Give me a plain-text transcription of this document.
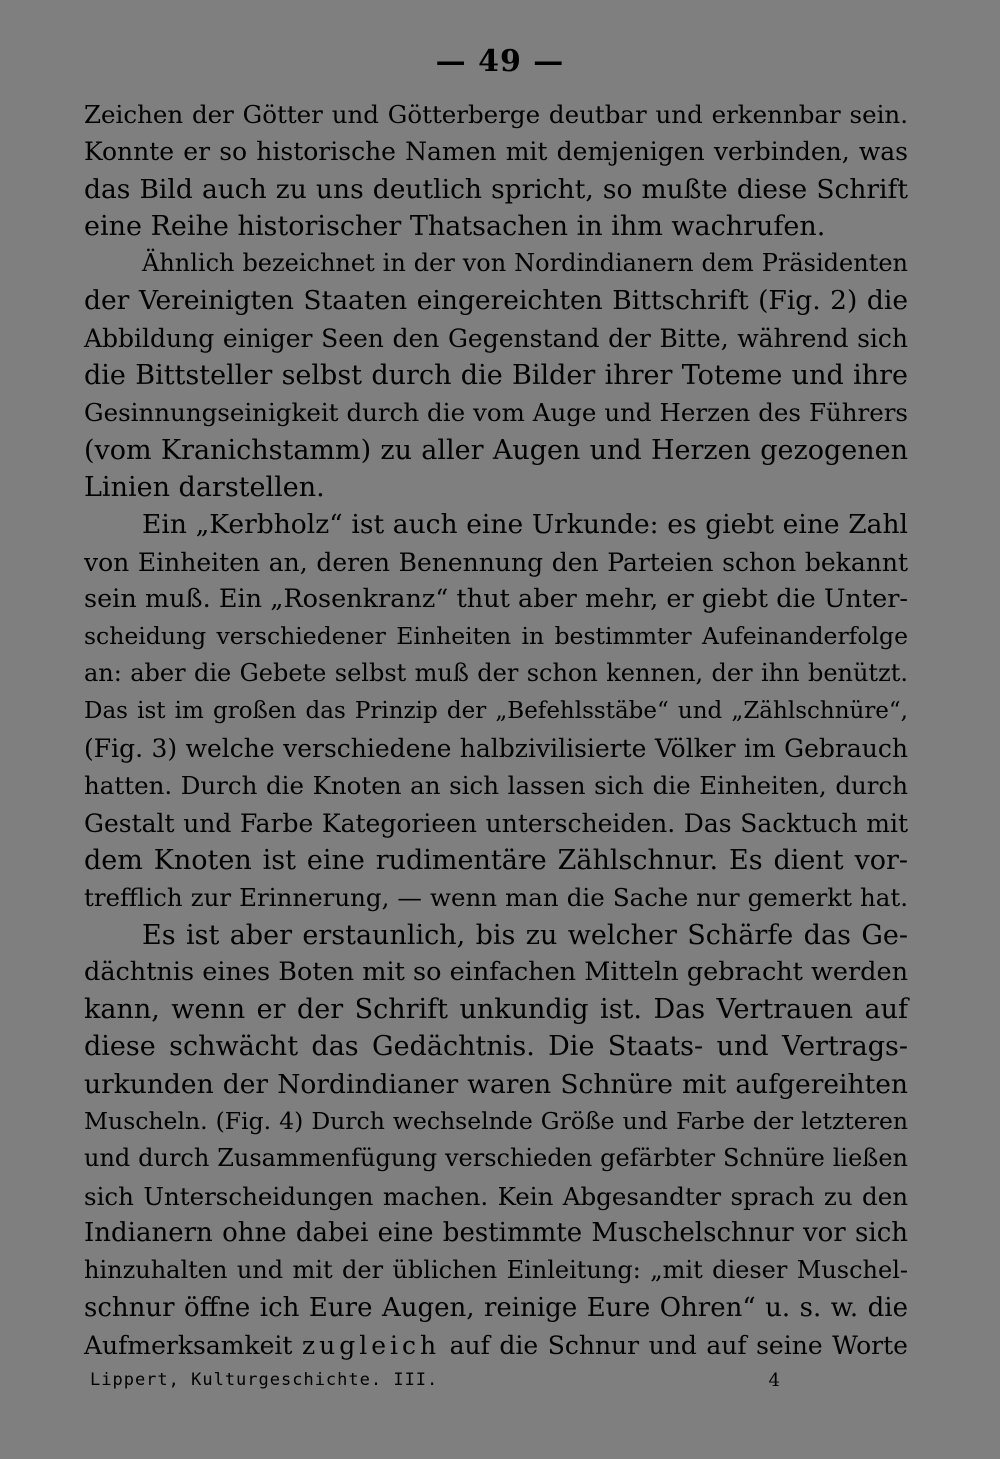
— 49 —
Zeichen der Götter und Götterberge deutbar und erkennbar sein.
Konnte er so historische Namen mit demjenigen verbinden, was
das Bild auch zu uns deutlich spricht, so mußte diese Schrift
eine Reihe historischer Thatsachen in ihm wachrufen.
Ähnlich bezeichnet in der von Nordindianern dem Präsidenten
der Vereinigten Staaten eingereichten Bittschrift (Fig. 2) die
Abbildung einiger Seen den Gegenstand der Bitte, während sich
die Bittsteller selbst durch die Bilder ihrer Toteme und ihre
Gesinnungseinigkeit durch die vom Auge und Herzen des Führers
(vom Kranichstamm) zu aller Augen und Herzen gezogenen
Linien darstellen.
Ein „Kerbholz“ ist auch eine Urkunde: es giebt eine Zahl
von Einheiten an, deren Benennung den Parteien schon bekannt
sein muß. Ein „Rosenkranz“ thut aber mehr, er giebt die Unter-
scheidung verschiedener Einheiten in bestimmter Aufeinanderfolge
an: aber die Gebete selbst muß der schon kennen, der ihn benützt.
Das ist im großen das Prinzip der „Befehlsstäbe“ und „Zählschnüre“,
(Fig. 3) welche verschiedene halbzivilisierte Völker im Gebrauch
hatten. Durch die Knoten an sich lassen sich die Einheiten, durch
Gestalt und Farbe Kategorieen unterscheiden. Das Sacktuch mit
dem Knoten ist eine rudimentäre Zählschnur. Es dient vor-
trefflich zur Erinnerung, — wenn man die Sache nur gemerkt hat.
Es ist aber erstaunlich, bis zu welcher Schärfe das Ge-
dächtnis eines Boten mit so einfachen Mitteln gebracht werden
kann, wenn er der Schrift unkundig ist. Das Vertrauen auf
diese schwächt das Gedächtnis. Die Staats- und Vertrags-
urkunden der Nordindianer waren Schnüre mit aufgereihten
Muscheln. (Fig. 4) Durch wechselnde Größe und Farbe der letzteren
und durch Zusammenfügung verschieden gefärbter Schnüre ließen
sich Unterscheidungen machen. Kein Abgesandter sprach zu den
Indianern ohne dabei eine bestimmte Muschelschnur vor sich
hinzuhalten und mit der üblichen Einleitung: „mit dieser Muschel-
schnur öffne ich Eure Augen, reinige Eure Ohren“ u. s. w. die
Aufmerksamkeit zugleich auf die Schnur und auf seine Worte
Lippert, Kulturgeschichte. III.	4
